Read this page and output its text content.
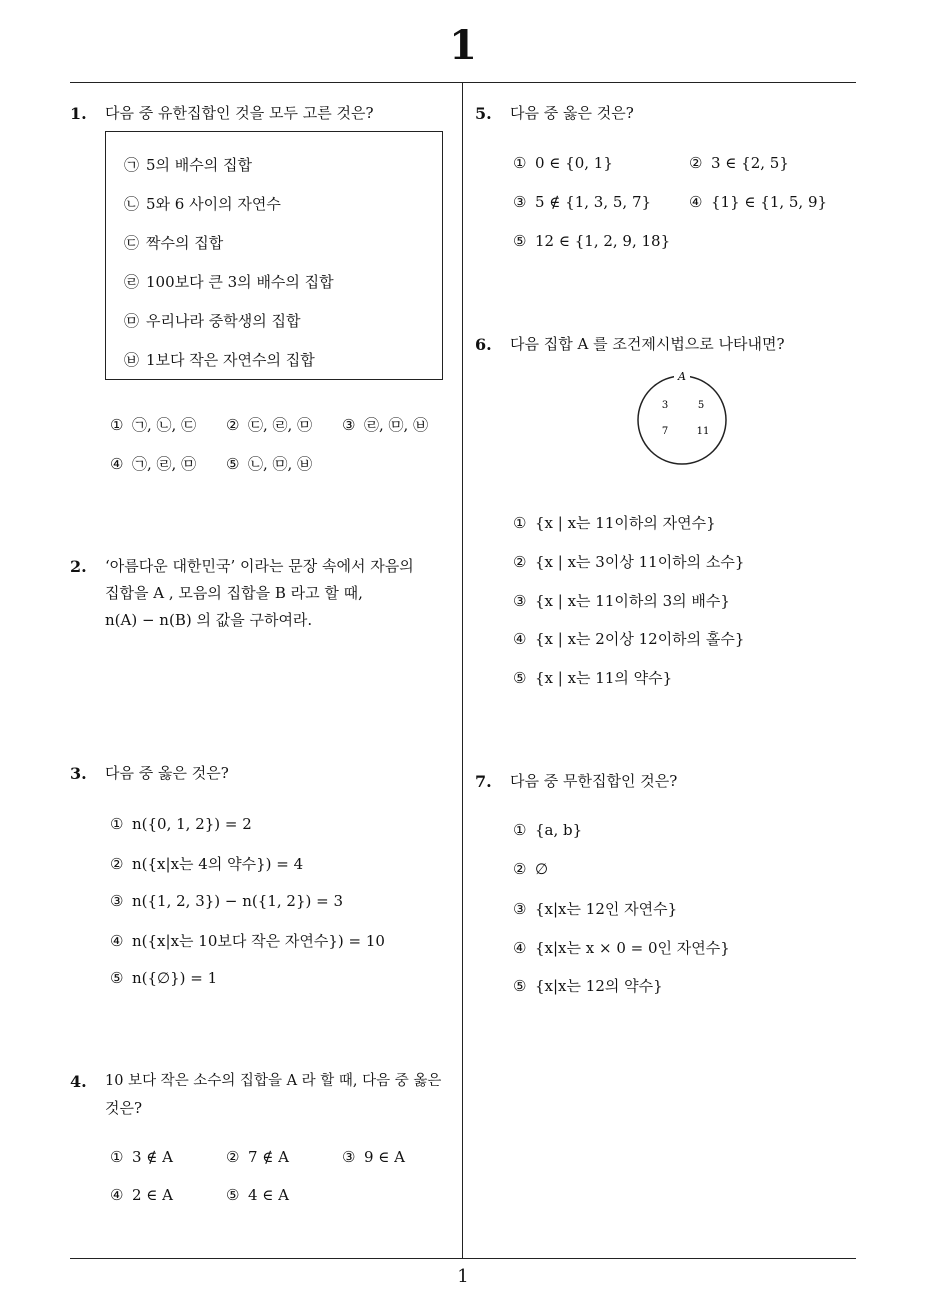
1
1
1. 다음 중 유한집합인 것을 모두 고른 것은?
㉠ 5의 배수의 집합
㉡ 5와 6 사이의 자연수
㉢ 짝수의 집합
㉣ 100보다 큰 3의 배수의 집합
㉤ 우리나라 중학생의 집합
㉥ 1보다 작은 자연수의 집합
① ㉠, ㉡, ㉢ ② ㉢, ㉣, ㉤ ③ ㉣, ㉤, ㉥
④ ㉠, ㉣, ㉤ ⑤ ㉡, ㉤, ㉥
2. ‘아름다운 대한민국’ 이라는 문장 속에서 자음의
집합을 A , 모음의 집합을 B 라고 할 때,
n(A) − n(B) 의 값을 구하여라.
3. 다음 중 옳은 것은?
① n({0, 1, 2}) = 2
② n({x|x는 4의 약수}) = 4
③ n({1, 2, 3}) − n({1, 2}) = 3
④ n({x|x는 10보다 작은 자연수}) = 10
⑤ n({∅}) = 1
4. 10 보다 작은 소수의 집합을 A 라 할 때, 다음 중 옳은
것은?
① 3 ∉ A	② 7 ∉ A	③ 9 ∈ A
④ 2 ∈ A	⑤ 4 ∈ A
5. 다음 중 옳은 것은?
① 0 ∈ {0, 1}	② 3 ∈ {2, 5}
③ 5 ∉ {1, 3, 5, 7}	④ {1} ∈ {1, 5, 9}
⑤ 12 ∈ {1, 2, 9, 18}
6. 다음 집합 A 를 조건제시법으로 나타내면?
A
3	5
7	11
① {x | x는 11이하의 자연수}
② {x | x는 3이상 11이하의 소수}
③ {x | x는 11이하의 3의 배수}
④ {x | x는 2이상 12이하의 홀수}
⑤ {x | x는 11의 약수}
7. 다음 중 무한집합인 것은?
① {a, b}
② ∅
③ {x|x는 12인 자연수}
④ {x|x는 x × 0 = 0인 자연수}
⑤ {x|x는 12의 약수}
